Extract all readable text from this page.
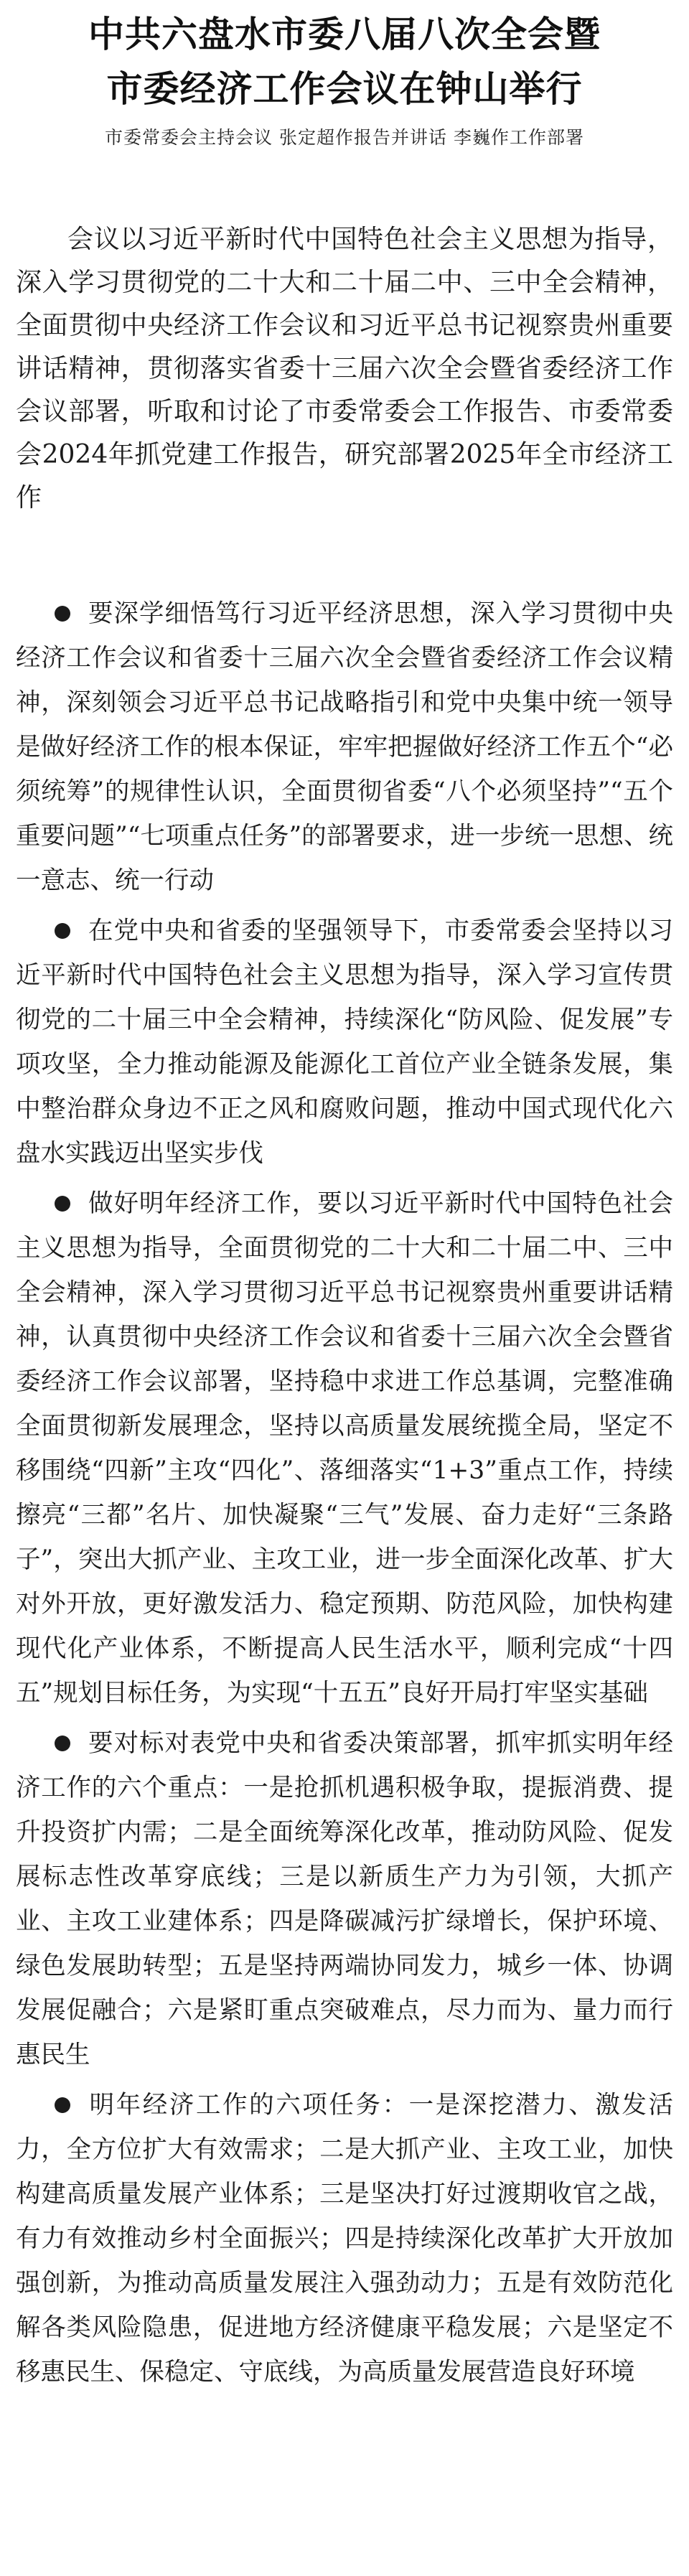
中共六盘水市委八届八次全会暨
市委经济工作会议在钟山举行

市委常委会主持会议 张定超作报告并讲话 李巍作工作部署

会议以习近平新时代中国特色社会主义思想为指导，深入学习贯彻党的二十大和二十届二中、三中全会精神，全面贯彻中央经济工作会议和习近平总书记视察贵州重要讲话精神，贯彻落实省委十三届六次全会暨省委经济工作会议部署，听取和讨论了市委常委会工作报告、市委常委会2024年抓党建工作报告，研究部署2025年全市经济工作

要深学细悟笃行习近平经济思想，深入学习贯彻中央经济工作会议和省委十三届六次全会暨省委经济工作会议精神，深刻领会习近平总书记战略指引和党中央集中统一领导是做好经济工作的根本保证，牢牢把握做好经济工作五个“必须统筹”的规律性认识，全面贯彻省委“八个必须坚持”“五个重要问题”“七项重点任务”的部署要求，进一步统一思想、统一意志、统一行动
在党中央和省委的坚强领导下，市委常委会坚持以习近平新时代中国特色社会主义思想为指导，深入学习宣传贯彻党的二十届三中全会精神，持续深化“防风险、促发展”专项攻坚，全力推动能源及能源化工首位产业全链条发展，集中整治群众身边不正之风和腐败问题，推动中国式现代化六盘水实践迈出坚实步伐
做好明年经济工作，要以习近平新时代中国特色社会主义思想为指导，全面贯彻党的二十大和二十届二中、三中全会精神，深入学习贯彻习近平总书记视察贵州重要讲话精神，认真贯彻中央经济工作会议和省委十三届六次全会暨省委经济工作会议部署，坚持稳中求进工作总基调，完整准确全面贯彻新发展理念，坚持以高质量发展统揽全局，坚定不移围绕“四新”主攻“四化”、落细落实“1+3”重点工作，持续擦亮“三都”名片、加快凝聚“三气”发展、奋力走好“三条路子”，突出大抓产业、主攻工业，进一步全面深化改革、扩大对外开放，更好激发活力、稳定预期、防范风险，加快构建现代化产业体系，不断提高人民生活水平，顺利完成“十四五”规划目标任务，为实现“十五五”良好开局打牢坚实基础
要对标对表党中央和省委决策部署，抓牢抓实明年经济工作的六个重点：一是抢抓机遇积极争取，提振消费、提升投资扩内需；二是全面统筹深化改革，推动防风险、促发展标志性改革穿底线；三是以新质生产力为引领，大抓产业、主攻工业建体系；四是降碳减污扩绿增长，保护环境、绿色发展助转型；五是坚持两端协同发力，城乡一体、协调发展促融合；六是紧盯重点突破难点，尽力而为、量力而行惠民生
明年经济工作的六项任务：一是深挖潜力、激发活力，全方位扩大有效需求；二是大抓产业、主攻工业，加快构建高质量发展产业体系；三是坚决打好过渡期收官之战，有力有效推动乡村全面振兴；四是持续深化改革扩大开放加强创新，为推动高质量发展注入强劲动力；五是有效防范化解各类风险隐患，促进地方经济健康平稳发展；六是坚定不移惠民生、保稳定、守底线，为高质量发展营造良好环境
